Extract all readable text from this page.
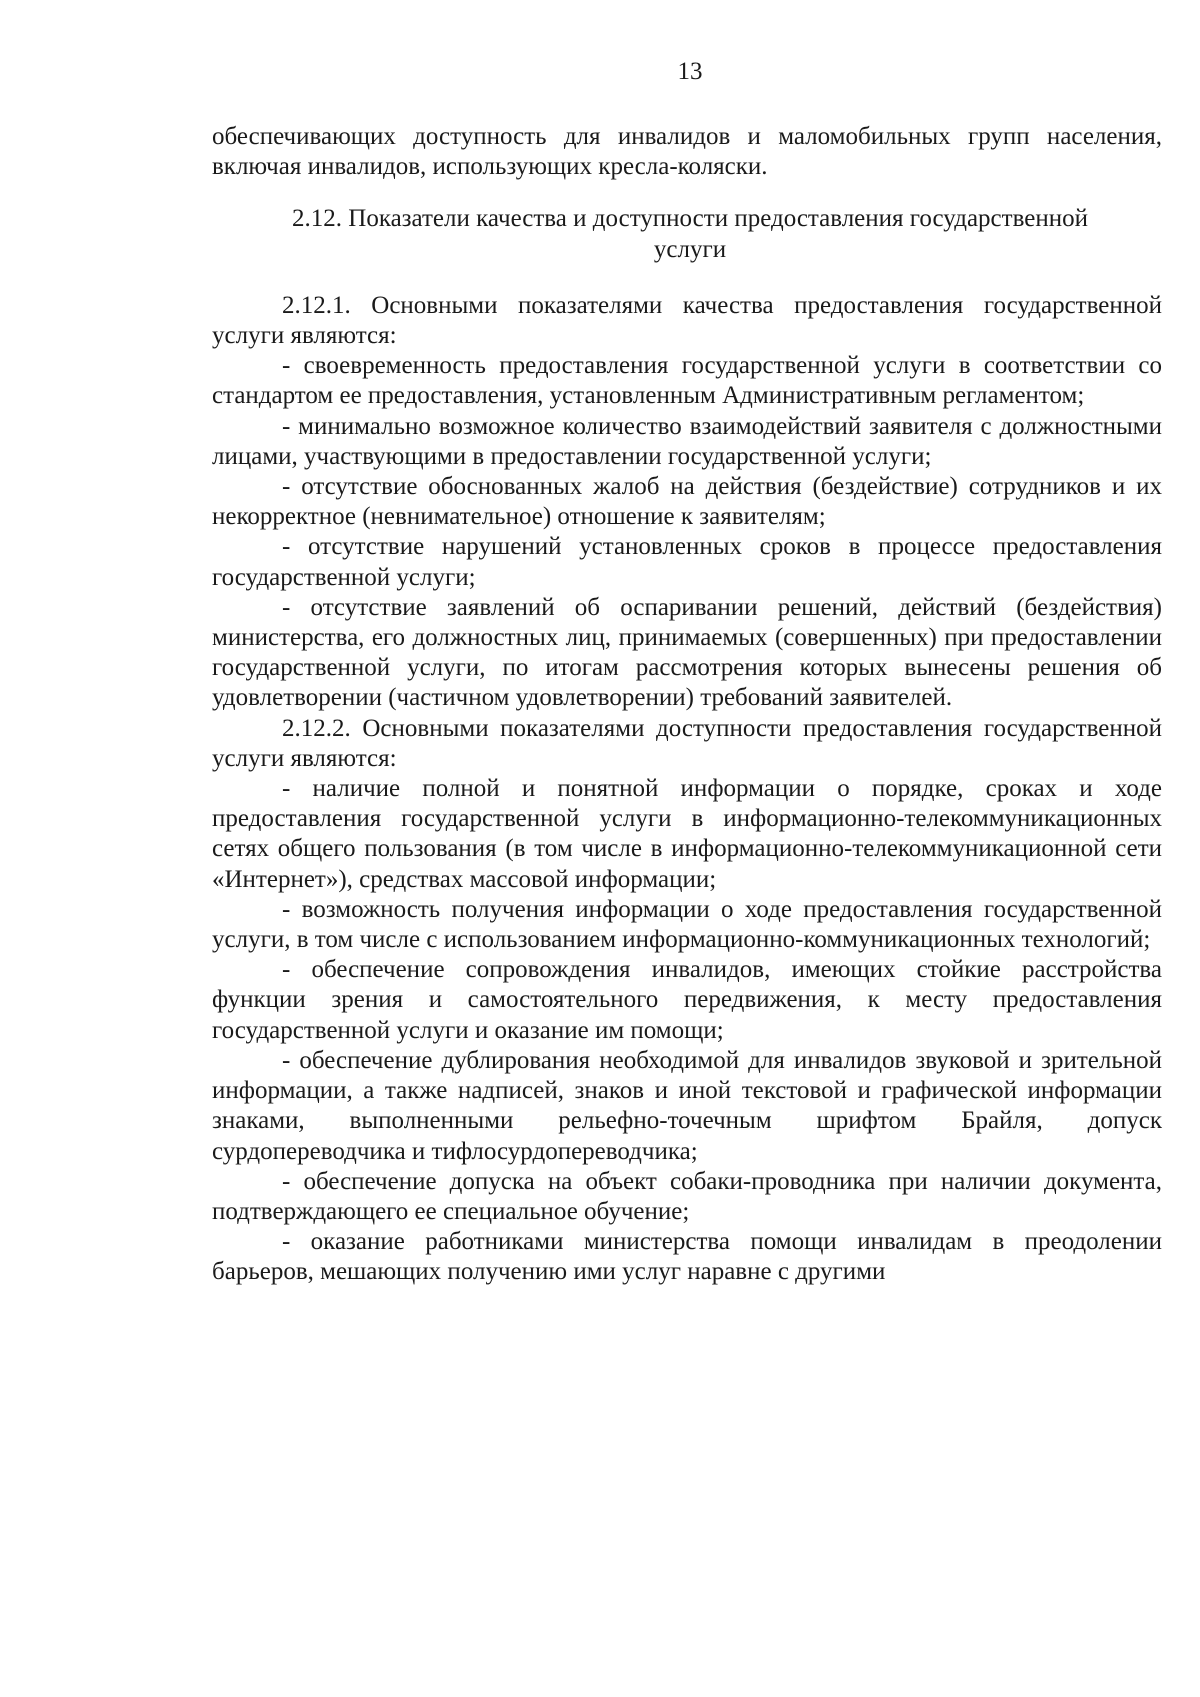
13

обеспечивающих доступность для инвалидов и маломобильных групп населения, включая инвалидов, использующих кресла-коляски.

2.12. Показатели качества и доступности предоставления государственной
услуги

2.12.1. Основными показателями качества предоставления государственной услуги являются:

- своевременность предоставления государственной услуги в соответствии со стандартом ее предоставления, установленным Административным регламентом;

- минимально возможное количество взаимодействий заявителя с должностными лицами, участвующими в предоставлении государственной услуги;

- отсутствие обоснованных жалоб на действия (бездействие) сотрудников и их некорректное (невнимательное) отношение к заявителям;

- отсутствие нарушений установленных сроков в процессе предоставления государственной услуги;

- отсутствие заявлений об оспаривании решений, действий (бездействия) министерства, его должностных лиц, принимаемых (совершенных) при предоставлении государственной услуги, по итогам рассмотрения которых вынесены решения об удовлетворении (частичном удовлетворении) требований заявителей.

2.12.2. Основными показателями доступности предоставления государственной услуги являются:

- наличие полной и понятной информации о порядке, сроках и ходе предоставления государственной услуги в информационно-телекоммуникационных сетях общего пользования (в том числе в информационно-телекоммуникационной сети «Интернет»), средствах массовой информации;

- возможность получения информации о ходе предоставления государственной услуги, в том числе с использованием информационно-коммуникационных технологий;

- обеспечение сопровождения инвалидов, имеющих стойкие расстройства функции зрения и самостоятельного передвижения, к месту предоставления государственной услуги и оказание им помощи;

- обеспечение дублирования необходимой для инвалидов звуковой и зрительной информации, а также надписей, знаков и иной текстовой и графической информации знаками, выполненными рельефно-точечным шрифтом Брайля, допуск сурдопереводчика и тифлосурдопереводчика;

- обеспечение допуска на объект собаки-проводника при наличии документа, подтверждающего ее специальное обучение;

- оказание работниками министерства помощи инвалидам в преодолении барьеров, мешающих получению ими услуг наравне с другими
